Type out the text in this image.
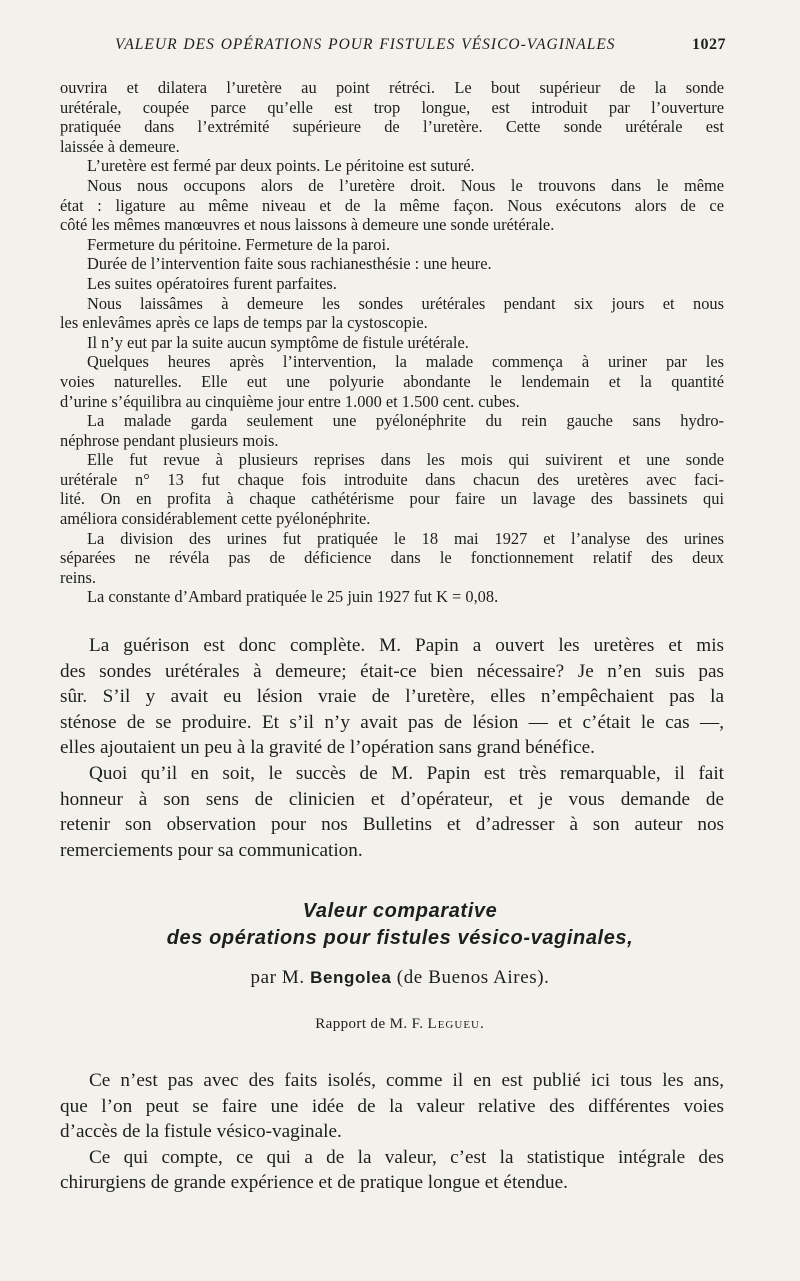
VALEUR DES OPÉRATIONS POUR FISTULES VÉSICO-VAGINALES	1027

ouvrira et dilatera l’uretère au point rétréci. Le bout supérieur de la sonde

urétérale, coupée parce qu’elle est trop longue, est introduit par l’ouverture

pratiquée dans l’extrémité supérieure de l’uretère. Cette sonde urétérale est

laissée à demeure.

L’uretère est fermé par deux points. Le péritoine est suturé.

Nous nous occupons alors de l’uretère droit. Nous le trouvons dans le même

état : ligature au même niveau et de la même façon. Nous exécutons alors de ce

côté les mêmes manœuvres et nous laissons à demeure une sonde urétérale.

Fermeture du péritoine. Fermeture de la paroi.

Durée de l’intervention faite sous rachianesthésie : une heure.

Les suites opératoires furent parfaites.

Nous laissâmes à demeure les sondes urétérales pendant six jours et nous

les enlevâmes après ce laps de temps par la cystoscopie.

Il n’y eut par la suite aucun symptôme de fistule urétérale.

Quelques heures après l’intervention, la malade commença à uriner par les

voies naturelles. Elle eut une polyurie abondante le lendemain et la quantité

d’urine s’équilibra au cinquième jour entre 1.000 et 1.500 cent. cubes.

La malade garda seulement une pyélonéphrite du rein gauche sans hydro-

néphrose pendant plusieurs mois.

Elle fut revue à plusieurs reprises dans les mois qui suivirent et une sonde

urétérale n° 13 fut chaque fois introduite dans chacun des uretères avec faci-

lité. On en profita à chaque cathétérisme pour faire un lavage des bassinets qui

améliora considérablement cette pyélonéphrite.

La division des urines fut pratiquée le 18 mai 1927 et l’analyse des urines

séparées ne révéla pas de déficience dans le fonctionnement relatif des deux

reins.

La constante d’Ambard pratiquée le 25 juin 1927 fut K = 0,08.

La guérison est donc complète. M. Papin a ouvert les uretères et mis

des sondes urétérales à demeure; était-ce bien nécessaire? Je n’en suis pas

sûr. S’il y avait eu lésion vraie de l’uretère, elles n’empêchaient pas la

sténose de se produire. Et s’il n’y avait pas de lésion — et c’était le cas —,

elles ajoutaient un peu à la gravité de l’opération sans grand bénéfice.

Quoi qu’il en soit, le succès de M. Papin est très remarquable, il fait

honneur à son sens de clinicien et d’opérateur, et je vous demande de

retenir son observation pour nos Bulletins et d’adresser à son auteur nos

remerciements pour sa communication.

Valeur comparative
des opérations pour fistules vésico-vaginales,
par M. Bengolea (de Buenos Aires).
Rapport de M. F. Legueu.

Ce n’est pas avec des faits isolés, comme il en est publié ici tous les ans,

que l’on peut se faire une idée de la valeur relative des différentes voies

d’accès de la fistule vésico-vaginale.

Ce qui compte, ce qui a de la valeur, c’est la statistique intégrale des

chirurgiens de grande expérience et de pratique longue et étendue.
